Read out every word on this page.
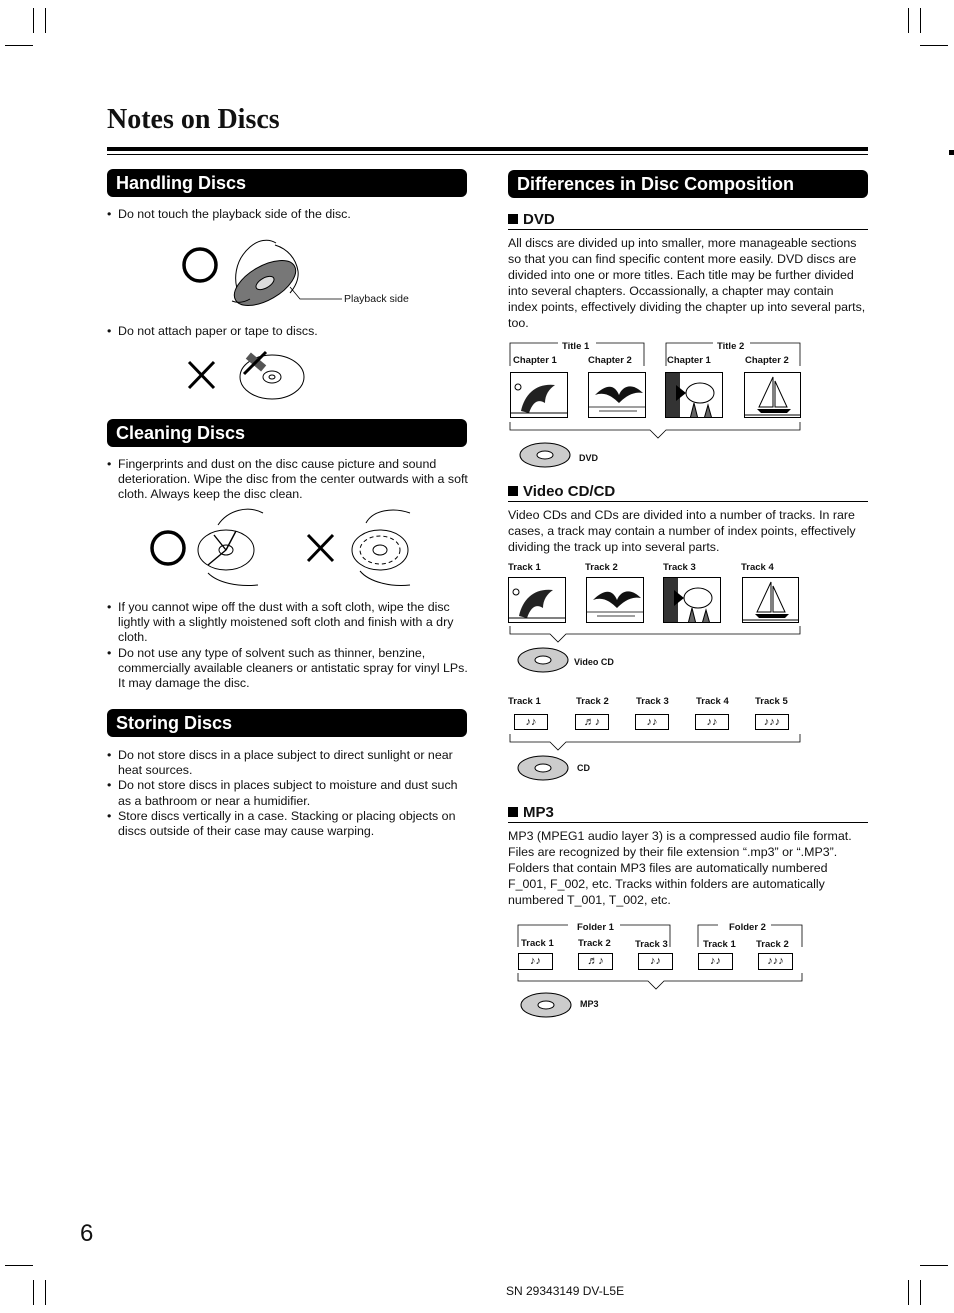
Notes on Discs
Handling Discs
• Do not touch the playback side of the disc.
Playback side
• Do not attach paper or tape to discs.
Cleaning Discs
• Fingerprints and dust on the disc cause picture and sound deterioration. Wipe the disc from the center outwards with a soft cloth. Always keep the disc clean.
• If you cannot wipe off the dust with a soft cloth, wipe the disc lightly with a slightly moistened soft cloth and finish with a dry cloth.
• Do not use any type of solvent such as thinner, benzine, commercially available cleaners or antistatic spray for vinyl LPs. It may damage the disc.
Storing Discs
• Do not store discs in a place subject to direct sunlight or near heat sources.
• Do not store discs in places subject to moisture and dust such as a bathroom or near a humidifier.
• Store discs vertically in a case. Stacking or placing objects on discs outside of their case may cause warping.
Differences in Disc Composition
DVD
All discs are divided up into smaller, more manageable sections so that you can find specific content more easily. DVD discs are divided into one or more titles. Each title may be further divided into several chapters. Occassionally, a chapter may contain index points, effectively dividing the chapter up into several parts, too.
Title 1	Title 2
Chapter 1	Chapter 2	Chapter 1	Chapter 2
DVD
Video CD/CD
Video CDs and CDs are divided into a number of tracks. In rare cases, a track may contain a number of index points, effectively dividing the track up into several parts.
Track 1	Track 2	Track 3	Track 4
Video CD
Track 1	Track 2	Track 3	Track 4	Track 5
♪♪	♬♪	♪♪	♪♪	♪♪♪
CD
MP3
MP3 (MPEG1 audio layer 3) is a compressed audio file format. Files are recognized by their file extension “.mp3” or “.MP3”. Folders that contain MP3 files are automatically numbered F_001, F_002, etc. Tracks within folders are automatically numbered T_001, T_002, etc.
Folder 1	Folder 2
Track 1	Track 2	Track 3	Track 1 Track 2
♪♪	♬♪	♪♪	♪♪	♪♪♪
MP3
6
SN 29343149 DV-L5E
